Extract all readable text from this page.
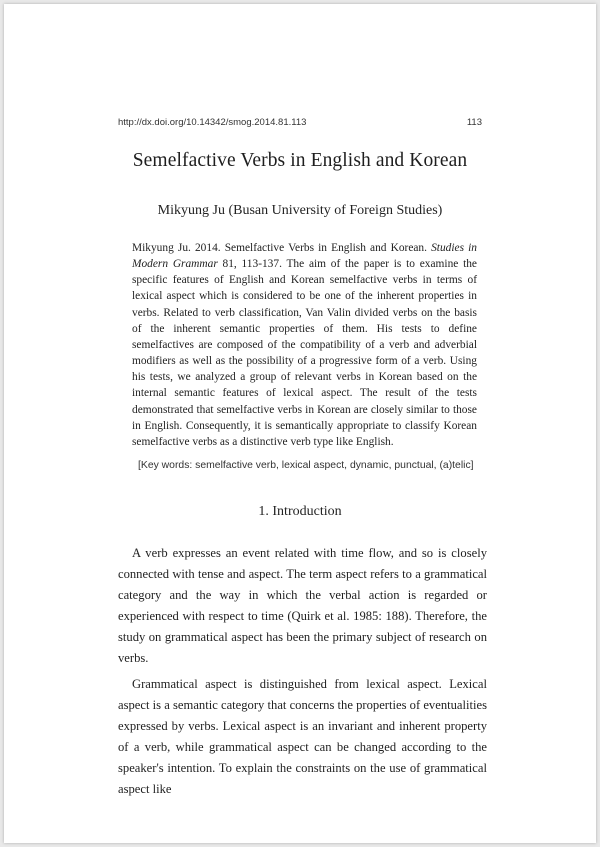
http://dx.doi.org/10.14342/smog.2014.81.113	113
Semelfactive Verbs in English and Korean
Mikyung Ju (Busan University of Foreign Studies)
Mikyung Ju. 2014. Semelfactive Verbs in English and Korean. Studies in Modern Grammar 81, 113-137. The aim of the paper is to examine the specific features of English and Korean semelfactive verbs in terms of lexical aspect which is considered to be one of the inherent properties in verbs. Related to verb classification, Van Valin divided verbs on the basis of the inherent semantic properties of them. His tests to define semelfactives are composed of the compatibility of a verb and adverbial modifiers as well as the possibility of a progressive form of a verb. Using his tests, we analyzed a group of relevant verbs in Korean based on the internal semantic features of lexical aspect. The result of the tests demonstrated that semelfactive verbs in Korean are closely similar to those in English. Consequently, it is semantically appropriate to classify Korean semelfactive verbs as a distinctive verb type like English.
[Key words: semelfactive verb, lexical aspect, dynamic, punctual, (a)telic]
1. Introduction

A verb expresses an event related with time flow, and so is closely connected with tense and aspect. The term aspect refers to a grammatical category and the way in which the verbal action is regarded or experienced with respect to time (Quirk et al. 1985: 188). Therefore, the study on grammatical aspect has been the primary subject of research on verbs.

Grammatical aspect is distinguished from lexical aspect. Lexical aspect is a semantic category that concerns the properties of eventualities expressed by verbs. Lexical aspect is an invariant and inherent property of a verb, while grammatical aspect can be changed according to the speaker's intention. To explain the constraints on the use of grammatical aspect like
